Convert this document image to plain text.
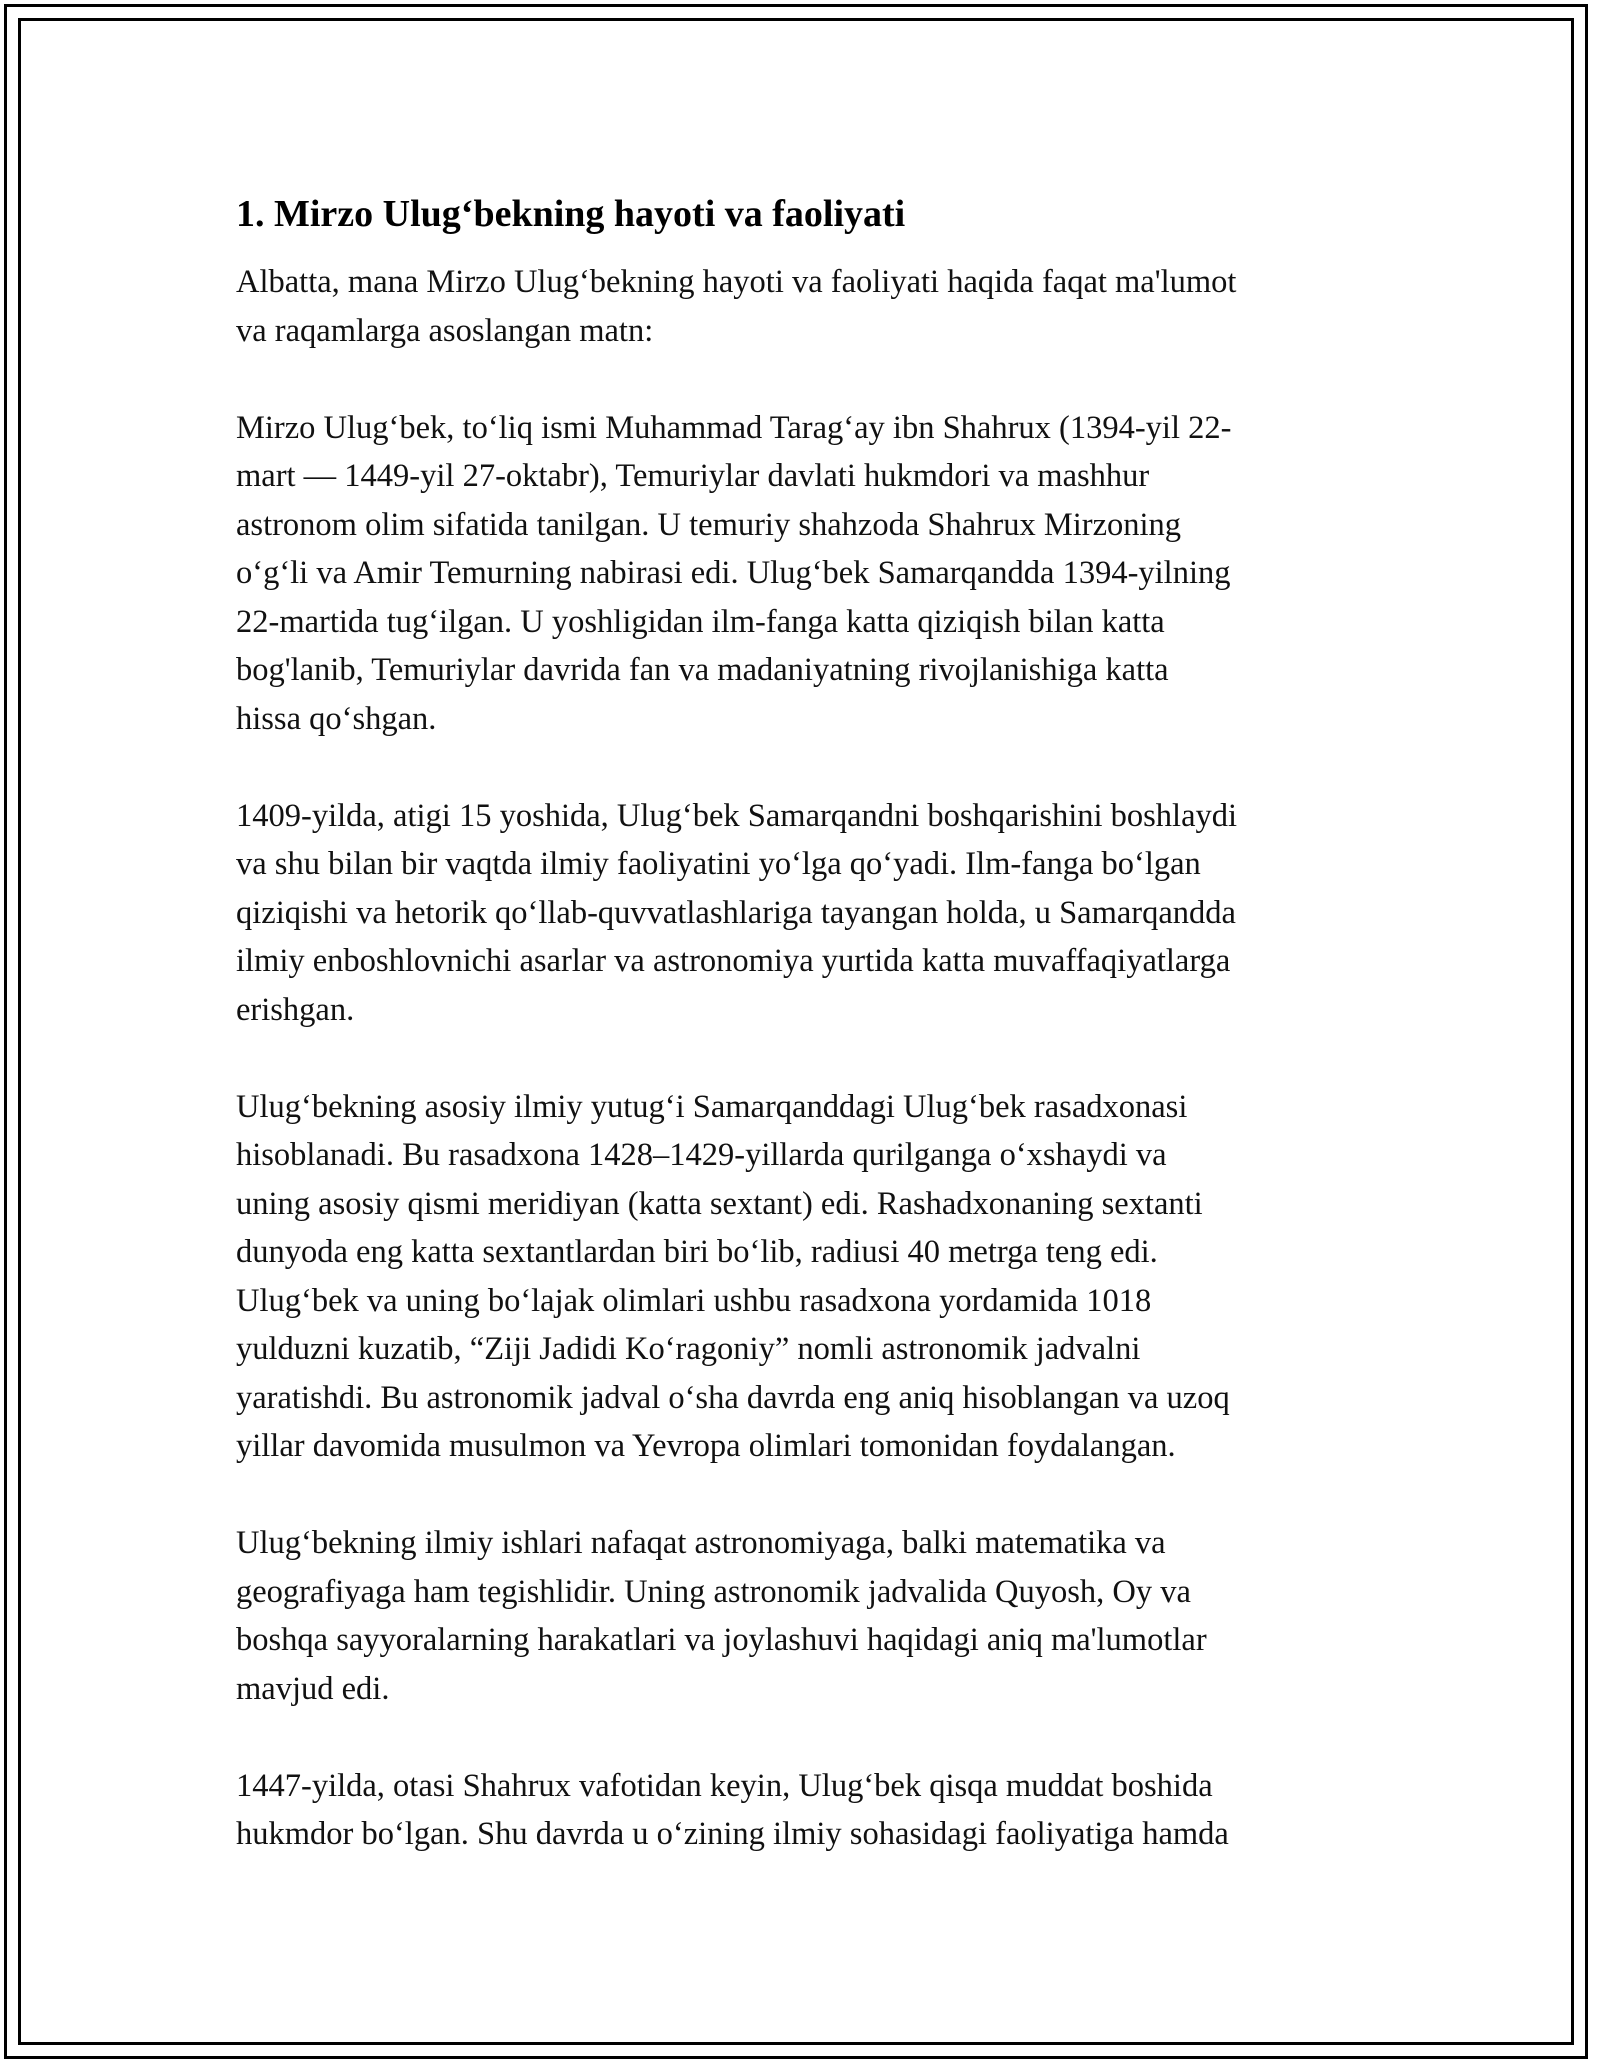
1. Mirzo Ulug‘bekning hayoti va faoliyati

Albatta, mana Mirzo Ulug‘bekning hayoti va faoliyati haqida faqat ma'lumot
va raqamlarga asoslangan matn:

Mirzo Ulug‘bek, to‘liq ismi Muhammad Tarag‘ay ibn Shahrux (1394-yil 22-
mart — 1449-yil 27-oktabr), Temuriylar davlati hukmdori va mashhur
astronom olim sifatida tanilgan. U temuriy shahzoda Shahrux Mirzoning
o‘g‘li va Amir Temurning nabirasi edi. Ulug‘bek Samarqandda 1394-yilning
22-martida tug‘ilgan. U yoshligidan ilm-fanga katta qiziqish bilan katta
bog'lanib, Temuriylar davrida fan va madaniyatning rivojlanishiga katta
hissa qo‘shgan.

1409-yilda, atigi 15 yoshida, Ulug‘bek Samarqandni boshqarishini boshlaydi
va shu bilan bir vaqtda ilmiy faoliyatini yo‘lga qo‘yadi. Ilm-fanga bo‘lgan
qiziqishi va hetorik qo‘llab-quvvatlashlariga tayangan holda, u Samarqandda
ilmiy enboshlovnichi asarlar va astronomiya yurtida katta muvaffaqiyatlarga
erishgan.

Ulug‘bekning asosiy ilmiy yutug‘i Samarqanddagi Ulug‘bek rasadxonasi
hisoblanadi. Bu rasadxona 1428–1429-yillarda qurilganga o‘xshaydi va
uning asosiy qismi meridiyan (katta sextant) edi. Rashadxonaning sextanti
dunyoda eng katta sextantlardan biri bo‘lib, radiusi 40 metrga teng edi.
Ulug‘bek va uning bo‘lajak olimlari ushbu rasadxona yordamida 1018
yulduzni kuzatib, “Ziji Jadidi Ko‘ragoniy” nomli astronomik jadvalni
yaratishdi. Bu astronomik jadval o‘sha davrda eng aniq hisoblangan va uzoq
yillar davomida musulmon va Yevropa olimlari tomonidan foydalangan.

Ulug‘bekning ilmiy ishlari nafaqat astronomiyaga, balki matematika va
geografiyaga ham tegishlidir. Uning astronomik jadvalida Quyosh, Oy va
boshqa sayyoralarning harakatlari va joylashuvi haqidagi aniq ma'lumotlar
mavjud edi.

1447-yilda, otasi Shahrux vafotidan keyin, Ulug‘bek qisqa muddat boshida
hukmdor bo‘lgan. Shu davrda u o‘zining ilmiy sohasidagi faoliyatiga hamda
